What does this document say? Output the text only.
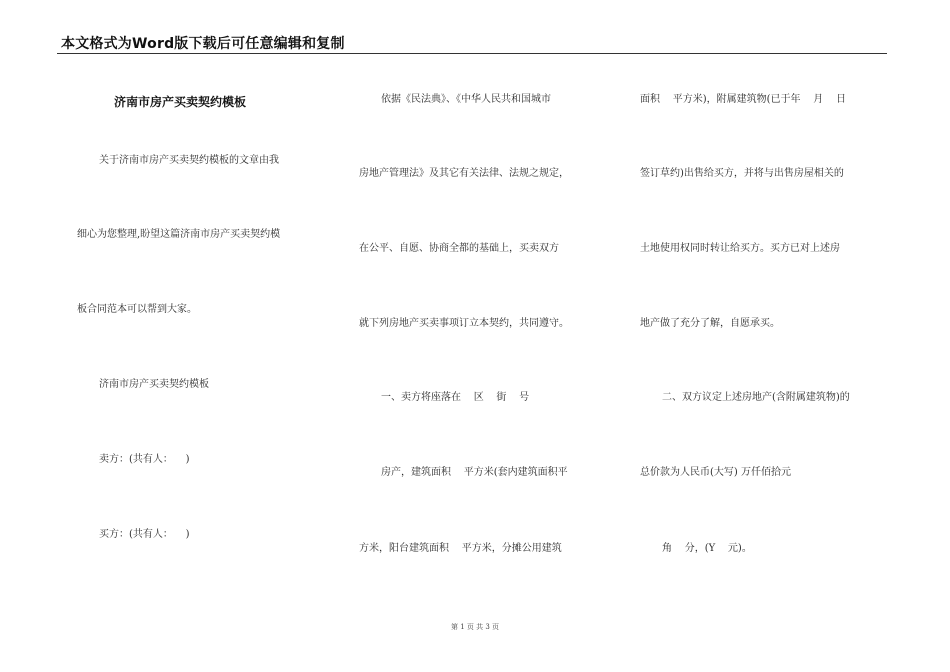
本文格式为Word版下载后可任意编辑和复制
济南市房产买卖契约模板
关于济南市房产买卖契约模板的文章由我
细心为您整理,盼望这篇济南市房产买卖契约模
板合同范本可以帮到大家。
济南市房产买卖契约模板
卖方：(共有人：    )
买方：(共有人：    )
依据《民法典》、《中华人民共和国城市
房地产管理法》及其它有关法律、法规之规定，
在公平、自愿、协商全都的基础上，买卖双方
就下列房地产买卖事项订立本契约，共同遵守。
一、卖方将座落在    区    街    号
房产，建筑面积    平方米(套内建筑面积平
方米，阳台建筑面积    平方米，分摊公用建筑
面积    平方米)，附属建筑物(已于年    月    日
签订草约)出售给买方，并将与出售房屋相关的
土地使用权同时转让给买方。买方已对上述房
地产做了充分了解，自愿承买。
二、双方议定上述房地产(含附属建筑物)的
总价款为人民币(大写) 万仟佰拾元
角    分，(Y    元)。
第 1 页 共 3 页
